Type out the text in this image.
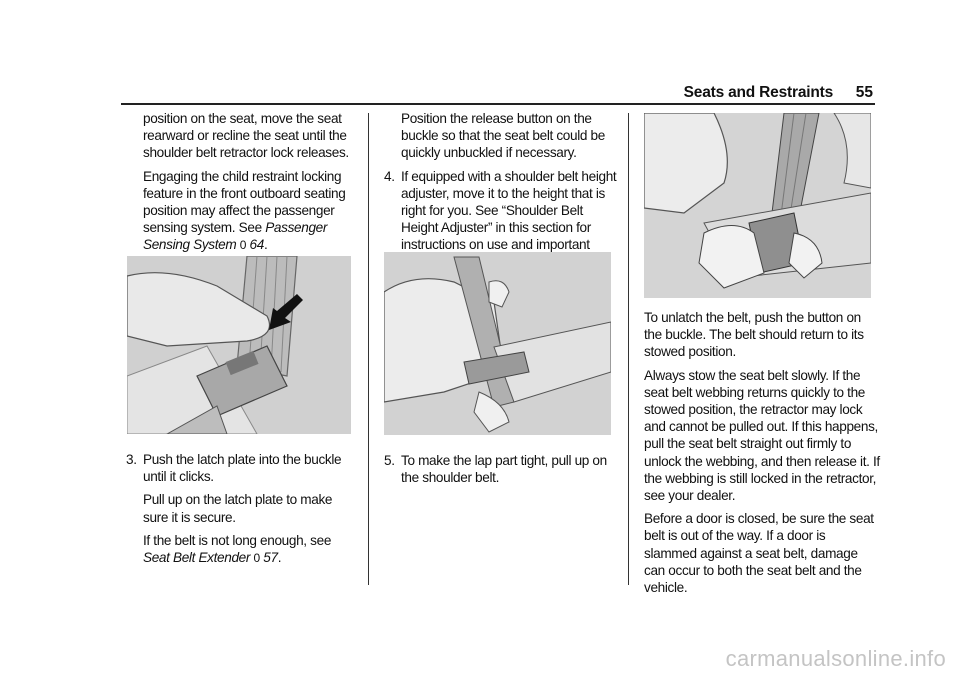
Seats and Restraints 55

position on the seat, move the seat rearward or recline the seat until the shoulder belt retractor lock releases.

Engaging the child restraint locking feature in the front outboard seating position may affect the passenger sensing system. See Passenger Sensing System 0 64.

3. Push the latch plate into the buckle until it clicks.

Pull up on the latch plate to make sure it is secure.

If the belt is not long enough, see Seat Belt Extender 0 57.

Position the release button on the buckle so that the seat belt could be quickly unbuckled if necessary.

4. If equipped with a shoulder belt height adjuster, move it to the height that is right for you. See “Shoulder Belt Height Adjuster” in this section for instructions on use and important

5. To make the lap part tight, pull up on the shoulder belt.

To unlatch the belt, push the button on the buckle. The belt should return to its stowed position.

Always stow the seat belt slowly. If the seat belt webbing returns quickly to the stowed position, the retractor may lock and cannot be pulled out. If this happens, pull the seat belt straight out firmly to unlock the webbing, and then release it. If the webbing is still locked in the retractor, see your dealer.

Before a door is closed, be sure the seat belt is out of the way. If a door is slammed against a seat belt, damage can occur to both the seat belt and the vehicle.

carmanualsonline.info
